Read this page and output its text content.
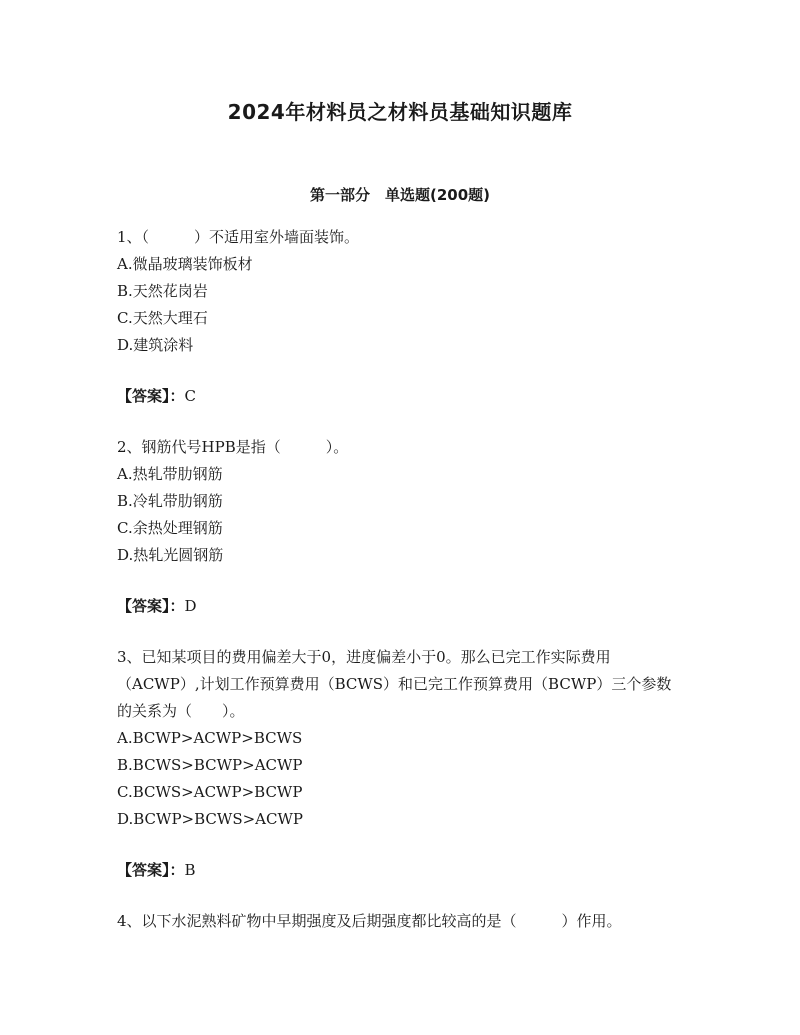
2024年材料员之材料员基础知识题库
第一部分　单选题(200题)

1、（　　　）不适用室外墙面装饰。

A.微晶玻璃装饰板材

B.天然花岗岩

C.天然大理石

D.建筑涂料

【答案】：C

2、钢筋代号HPB是指（　　　）。

A.热轧带肋钢筋

B.冷轧带肋钢筋

C.余热处理钢筋

D.热轧光圆钢筋

【答案】：D

3、已知某项目的费用偏差大于0，进度偏差小于0。那么已完工作实际费用（ACWP）,计划工作预算费用（BCWS）和已完工作预算费用（BCWP）三个参数的关系为（　　）。

A.BCWP>ACWP>BCWS

B.BCWS>BCWP>ACWP

C.BCWS>ACWP>BCWP

D.BCWP>BCWS>ACWP

【答案】：B

4、以下水泥熟料矿物中早期强度及后期强度都比较高的是（　　　）作用。
